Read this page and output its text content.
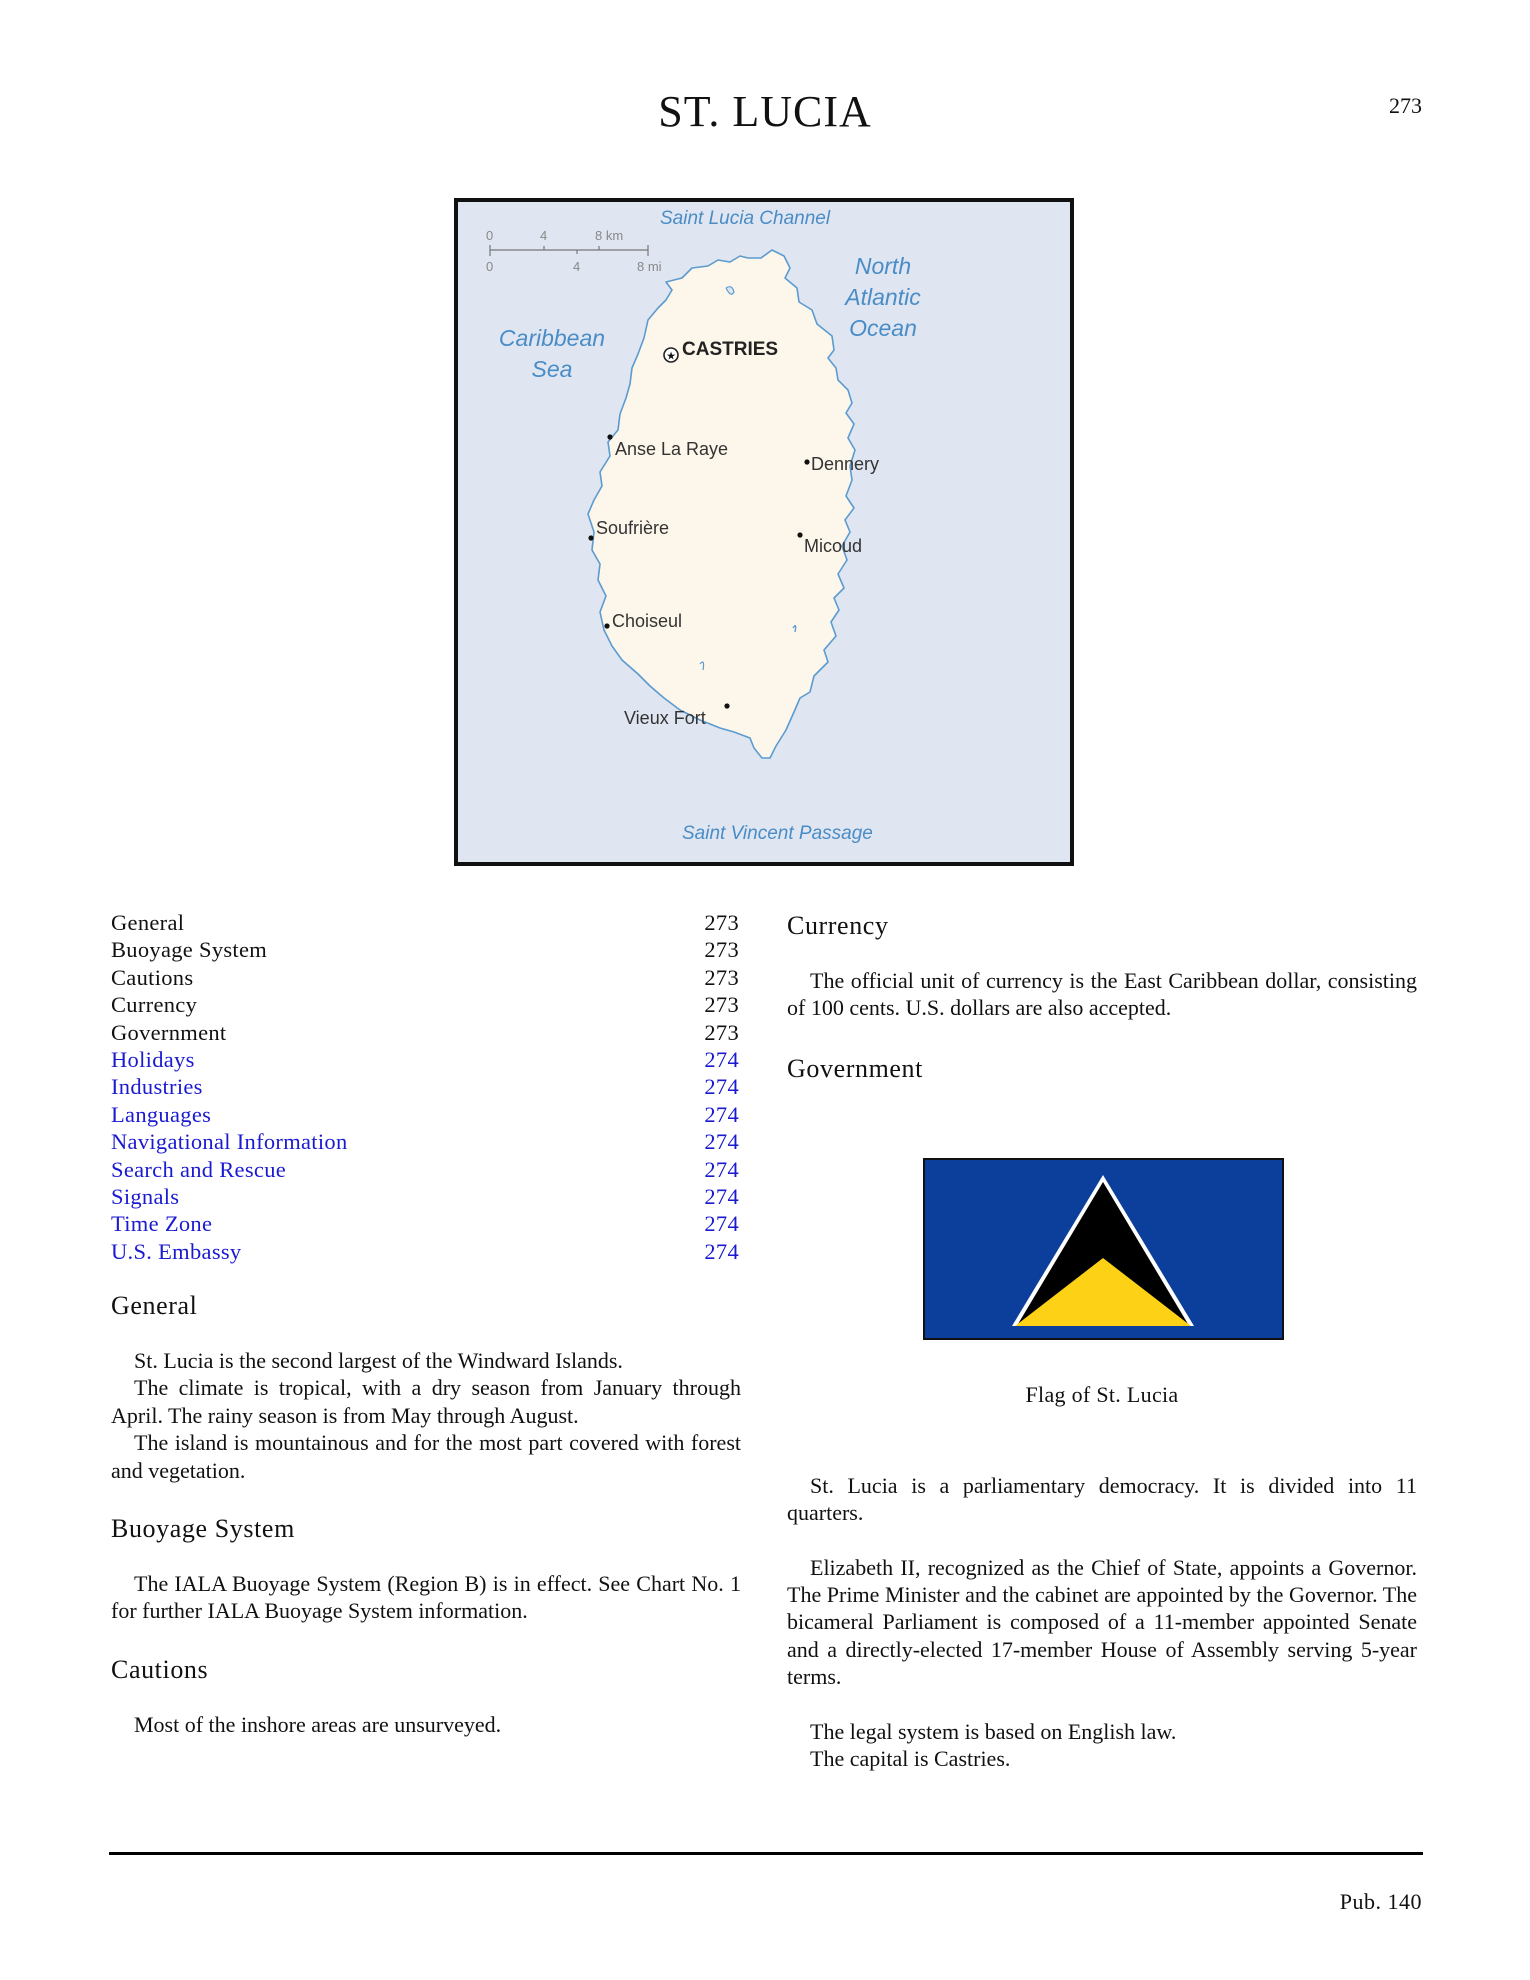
ST. LUCIA	273
0	4	8 km
0	4	8 mi
Saint Lucia Channel
North
Atlantic
Ocean
Caribbean
Sea
Saint Vincent Passage
★ CASTRIES
Anse La Raye
Dennery
Soufrière
Micoud
Choiseul
Vieux Fort
General	273
Buoyage System	273
Cautions	273
Currency	273
Government	273
Holidays	274
Industries	274
Languages	274
Navigational Information	274
Search and Rescue	274
Signals	274
Time Zone	274
U.S. Embassy	274
General

St. Lucia is the second largest of the Windward Islands.

The climate is tropical, with a dry season from January through April. The rainy season is from May through August.

The island is mountainous and for the most part covered with forest and vegetation.

Buoyage System

The IALA Buoyage System (Region B) is in effect. See Chart No. 1 for further IALA Buoyage System information.

Cautions

Most of the inshore areas are unsurveyed.

Currency

The official unit of currency is the East Caribbean dollar, consisting of 100 cents. U.S. dollars are also accepted.

Government

St. Lucia is a parliamentary democracy. It is divided into 11 quarters.

Elizabeth II, recognized as the Chief of State, appoints a Governor. The Prime Minister and the cabinet are appointed by the Governor. The bicameral Parliament is composed of a 11-member appointed Senate and a directly-elected 17-member House of Assembly serving 5-year terms.

The legal system is based on English law.

The capital is Castries.

Flag of St. Lucia
Pub. 140
